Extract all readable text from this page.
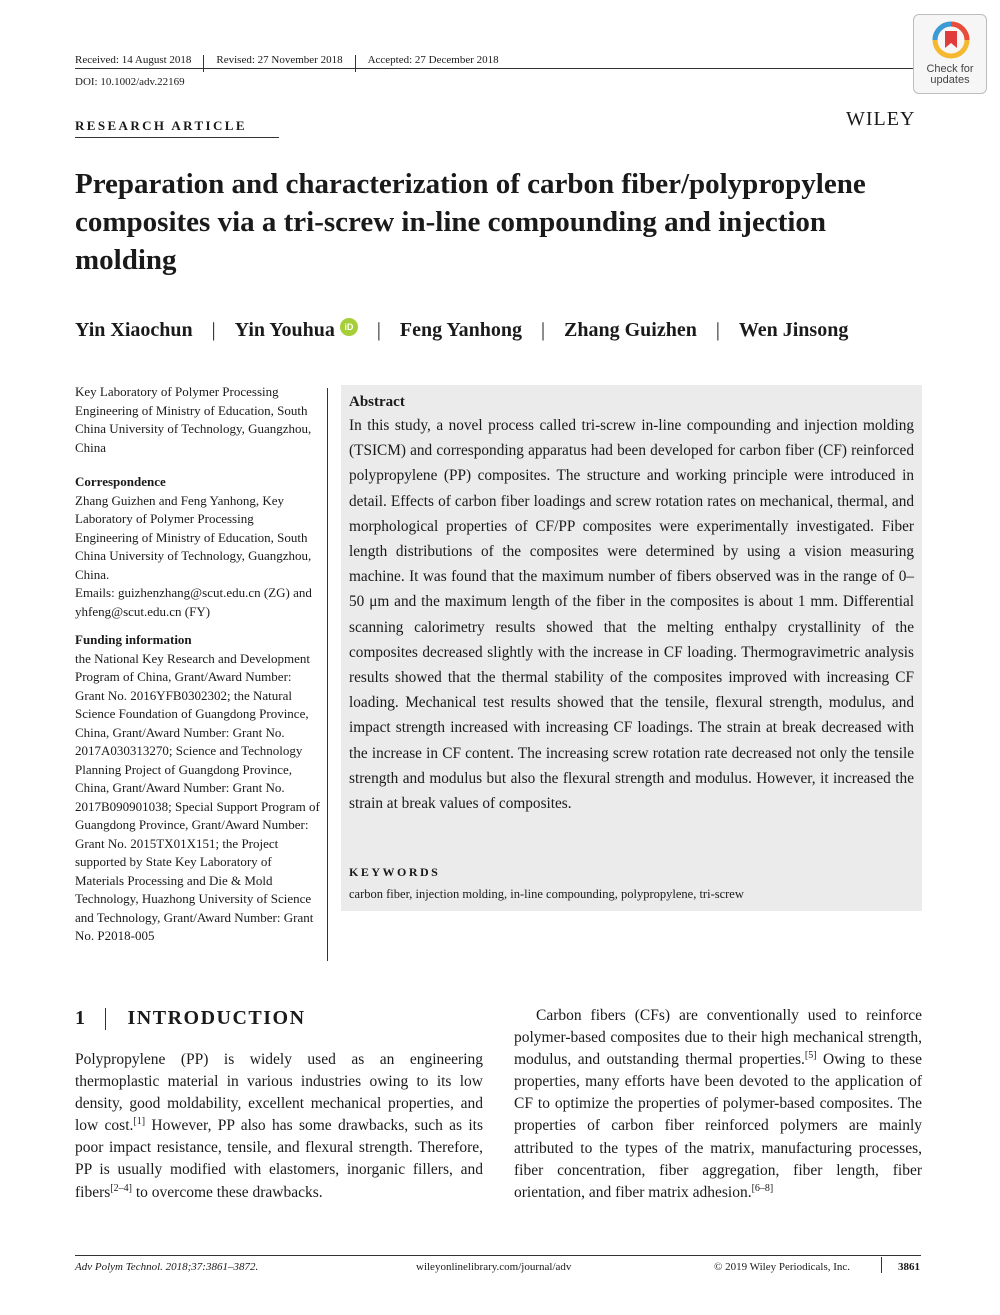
Received: 14 August 2018 Revised: 27 November 2018 Accepted: 27 December 2018
DOI: 10.1002/adv.22169
Check for
updates
RESEARCH ARTICLE	WILEY
Preparation and characterization of carbon fiber/polypropylene composites via a tri-screw in-line compounding and injection molding
Yin Xiaochun | Yin Youhua	iD | Feng Yanhong | Zhang Guizhen | Wen Jinsong
Key Laboratory of Polymer Processing Engineering of Ministry of Education, South China University of Technology, Guangzhou, China
Correspondence
Zhang Guizhen and Feng Yanhong, Key Laboratory of Polymer Processing Engineering of Ministry of Education, South China University of Technology, Guangzhou, China.
Emails: guizhenzhang@scut.edu.cn (ZG) and yhfeng@scut.edu.cn (FY)
Funding information
the National Key Research and Development Program of China, Grant/Award Number: Grant No. 2016YFB0302302; the Natural Science Foundation of Guangdong Province, China, Grant/Award Number: Grant No. 2017A030313270; Science and Technology Planning Project of Guangdong Province, China, Grant/Award Number: Grant No. 2017B090901038; Special Support Program of Guangdong Province, Grant/Award Number: Grant No. 2015TX01X151; the Project supported by State Key Laboratory of Materials Processing and Die & Mold Technology, Huazhong University of Science and Technology, Grant/Award Number: Grant No. P2018-005
Abstract
In this study, a novel process called tri-screw in-line compounding and injection molding (TSICM) and corresponding apparatus had been developed for carbon fiber (CF) reinforced polypropylene (PP) composites. The structure and working principle were introduced in detail. Effects of carbon fiber loadings and screw rotation rates on mechanical, thermal, and morphological properties of CF/PP composites were experimentally investigated. Fiber length distributions of the composites were determined by using a vision measuring machine. It was found that the maximum number of fibers observed was in the range of 0–50 μm and the maximum length of the fiber in the composites is about 1 mm. Differential scanning calorimetry results showed that the melting enthalpy crystallinity of the composites decreased slightly with the increase in CF loading. Thermogravimetric analysis results showed that the thermal stability of the composites improved with increasing CF loading. Mechanical test results showed that the tensile, flexural strength, modulus, and impact strength increased with increasing CF loadings. The strain at break decreased with the increase in CF content. The increasing screw rotation rate decreased not only the tensile strength and modulus but also the flexural strength and modulus. However, it increased the strain at break values of composites.
KEYWORDS
carbon fiber, injection molding, in-line compounding, polypropylene, tri-screw
1 INTRODUCTION

Polypropylene (PP) is widely used as an engineering thermoplastic material in various industries owing to its low density, good moldability, excellent mechanical properties, and low cost.[1] However, PP also has some drawbacks, such as its poor impact resistance, tensile, and flexural strength. Therefore, PP is usually modified with elastomers, inorganic fillers, and fibers[2–4] to overcome these drawbacks.

Carbon fibers (CFs) are conventionally used to reinforce polymer-based composites due to their high mechanical strength, modulus, and outstanding thermal properties.[5] Owing to these properties, many efforts have been devoted to the application of CF to optimize the properties of polymer-based composites. The properties of carbon fiber reinforced polymers are mainly attributed to the types of the matrix, manufacturing processes, fiber concentration, fiber aggregation, fiber length, fiber orientation, and fiber matrix adhesion.[6–8]

Adv Polym Technol. 2018;37:3861–3872.	wileyonlinelibrary.com/journal/adv	© 2019 Wiley Periodicals, Inc.	3861
